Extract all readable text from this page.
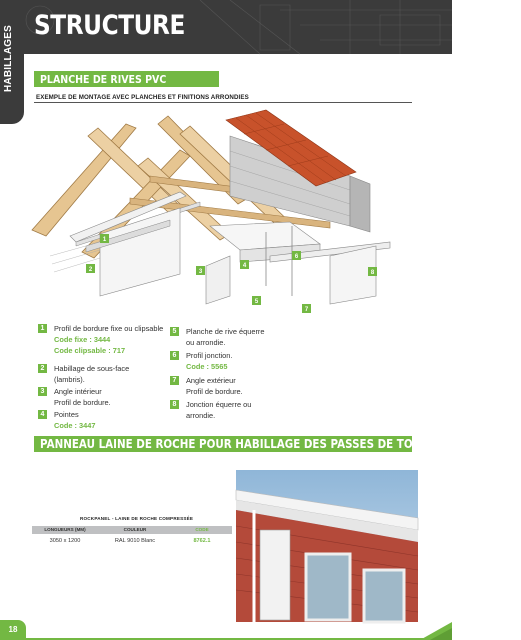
STRUCTURE
HABILLAGES PLANCHE DE RIVES PVC
EXEMPLE DE MONTAGE AVEC PLANCHES ET FINITIONS ARRONDIES
1
2	3
4
5
6
7
8
1	Profil de bordure fixe ou clipsable
Code fixe : 3444
Code clipsable : 717
2	Habillage de sous-face
(lambris).
3	Angle intérieur
Profil de bordure.
4	Pointes
Code : 3447
5	Planche de rive équerre
ou arrondie.
6	Profil jonction.
Code : 5565
7	Angle extérieur
Profil de bordure.
8	Jonction équerre ou
arrondie.
PANNEAU LAINE DE ROCHE POUR HABILLAGE DES PASSES DE TOIT /BANDE DE RIVE
ROCKPANEL - LAINE DE ROCHE COMPRESSÉE
LONGUEURS (MM)	COULEUR	CODE
3050 x 1200	RAL 9010 Blanc	8762.1
18
